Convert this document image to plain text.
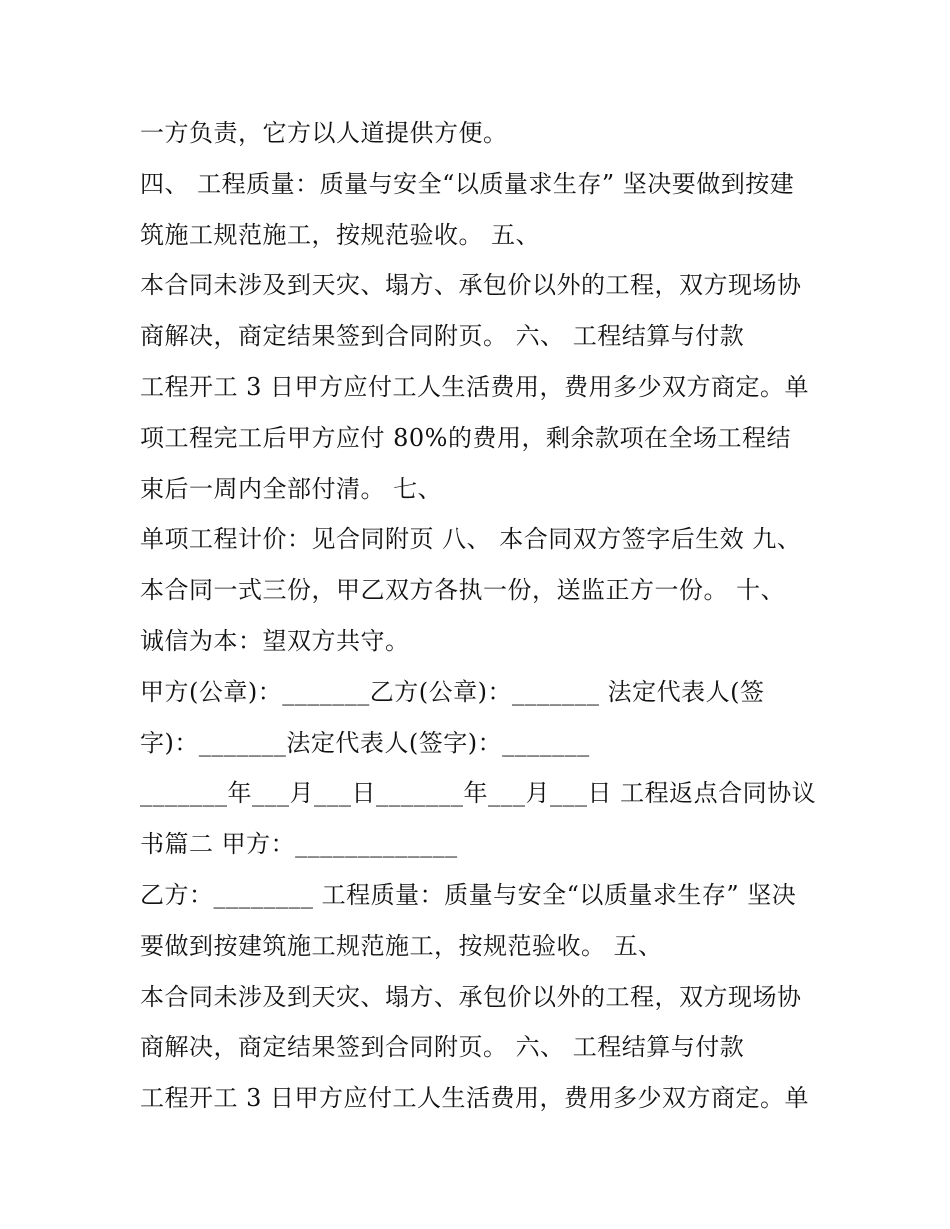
一方负责，它方以人道提供方便。
四、 工程质量：质量与安全“以质量求生存” 坚决要做到按建
筑施工规范施工，按规范验收。 五、
本合同未涉及到天灾、塌方、承包价以外的工程，双方现场协
商解决，商定结果签到合同附页。 六、 工程结算与付款
工程开工 3 日甲方应付工人生活费用，费用多少双方商定。单
项工程完工后甲方应付 80%的费用，剩余款项在全场工程结
束后一周内全部付清。 七、
单项工程计价：见合同附页 八、 本合同双方签字后生效 九、
本合同一式三份，甲乙双方各执一份，送监正方一份。 十、
诚信为本：望双方共守。
甲方(公章)：_______乙方(公章)：_______ 法定代表人(签
字)：_______法定代表人(签字)：_______
_______年___月___日_______年___月___日 工程返点合同协议
书篇二 甲方：_____________
乙方：________ 工程质量：质量与安全“以质量求生存” 坚决
要做到按建筑施工规范施工，按规范验收。 五、
本合同未涉及到天灾、塌方、承包价以外的工程，双方现场协
商解决，商定结果签到合同附页。 六、 工程结算与付款
工程开工 3 日甲方应付工人生活费用，费用多少双方商定。单
